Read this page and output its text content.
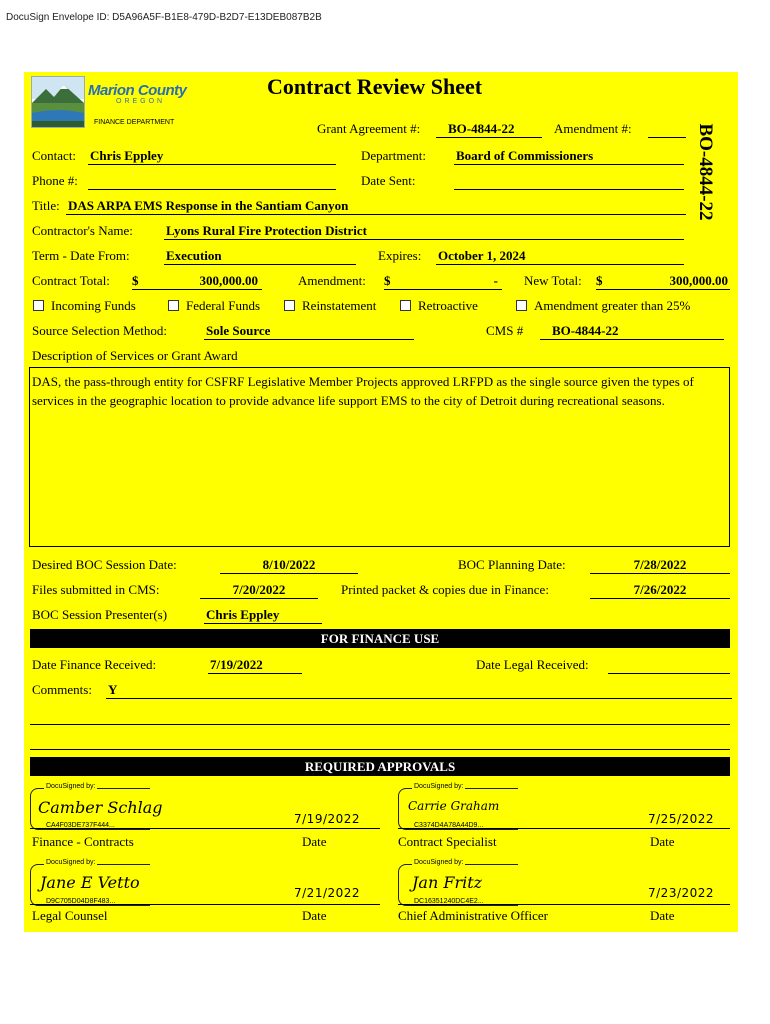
DocuSign Envelope ID: D5A96A5F-B1E8-479D-B2D7-E13DEB087B2B
Marion County
OREGON
FINANCE DEPARTMENT
Contract Review Sheet
BO-4844-22
Grant Agreement #:	BO-4844-22	Amendment #:
Contact: Chris Eppley	Department: Board of Commissioners
Phone #:	Date Sent:
Title: DAS ARPA EMS Response in the Santiam Canyon
Contractor's Name:	Lyons Rural Fire Protection District
Term - Date From:	Execution	Expires: October 1, 2024
Contract Total: $	300,000.00	Amendment: $	-	New Total: $	300,000.00
Incoming Funds	Federal Funds	Reinstatement	Retroactive	Amendment greater than 25%
Source Selection Method:	Sole Source	CMS #	BO-4844-22
Description of Services or Grant Award
DAS, the pass-through entity for CSFRF Legislative Member Projects approved LRFPD as the single source given the types of services in the geographic location to provide advance life support EMS to the city of Detroit during recreational seasons.
Desired BOC Session Date:	8/10/2022	BOC Planning Date:	7/28/2022
Files submitted in CMS:	7/20/2022	Printed packet & copies due in Finance:	7/26/2022
BOC Session Presenter(s)	Chris Eppley
FOR FINANCE USE
Date Finance Received:	7/19/2022	Date Legal Received:
Comments: Y
REQUIRED APPROVALS
DocuSigned by:
Camber Schlag
CA4F03DE737F444...	7/19/2022
Finance - Contracts	Date
DocuSigned by:
Carrie Graham
C3374D4A78A44D9...	7/25/2022
Contract Specialist	Date
DocuSigned by:
Jane E Vetto
D9C705D04D8F483...
7/21/2022
Legal Counsel	Date
DocuSigned by:
Jan Fritz
DC16351240DC4E2...
7/23/2022
Chief Administrative Officer	Date
